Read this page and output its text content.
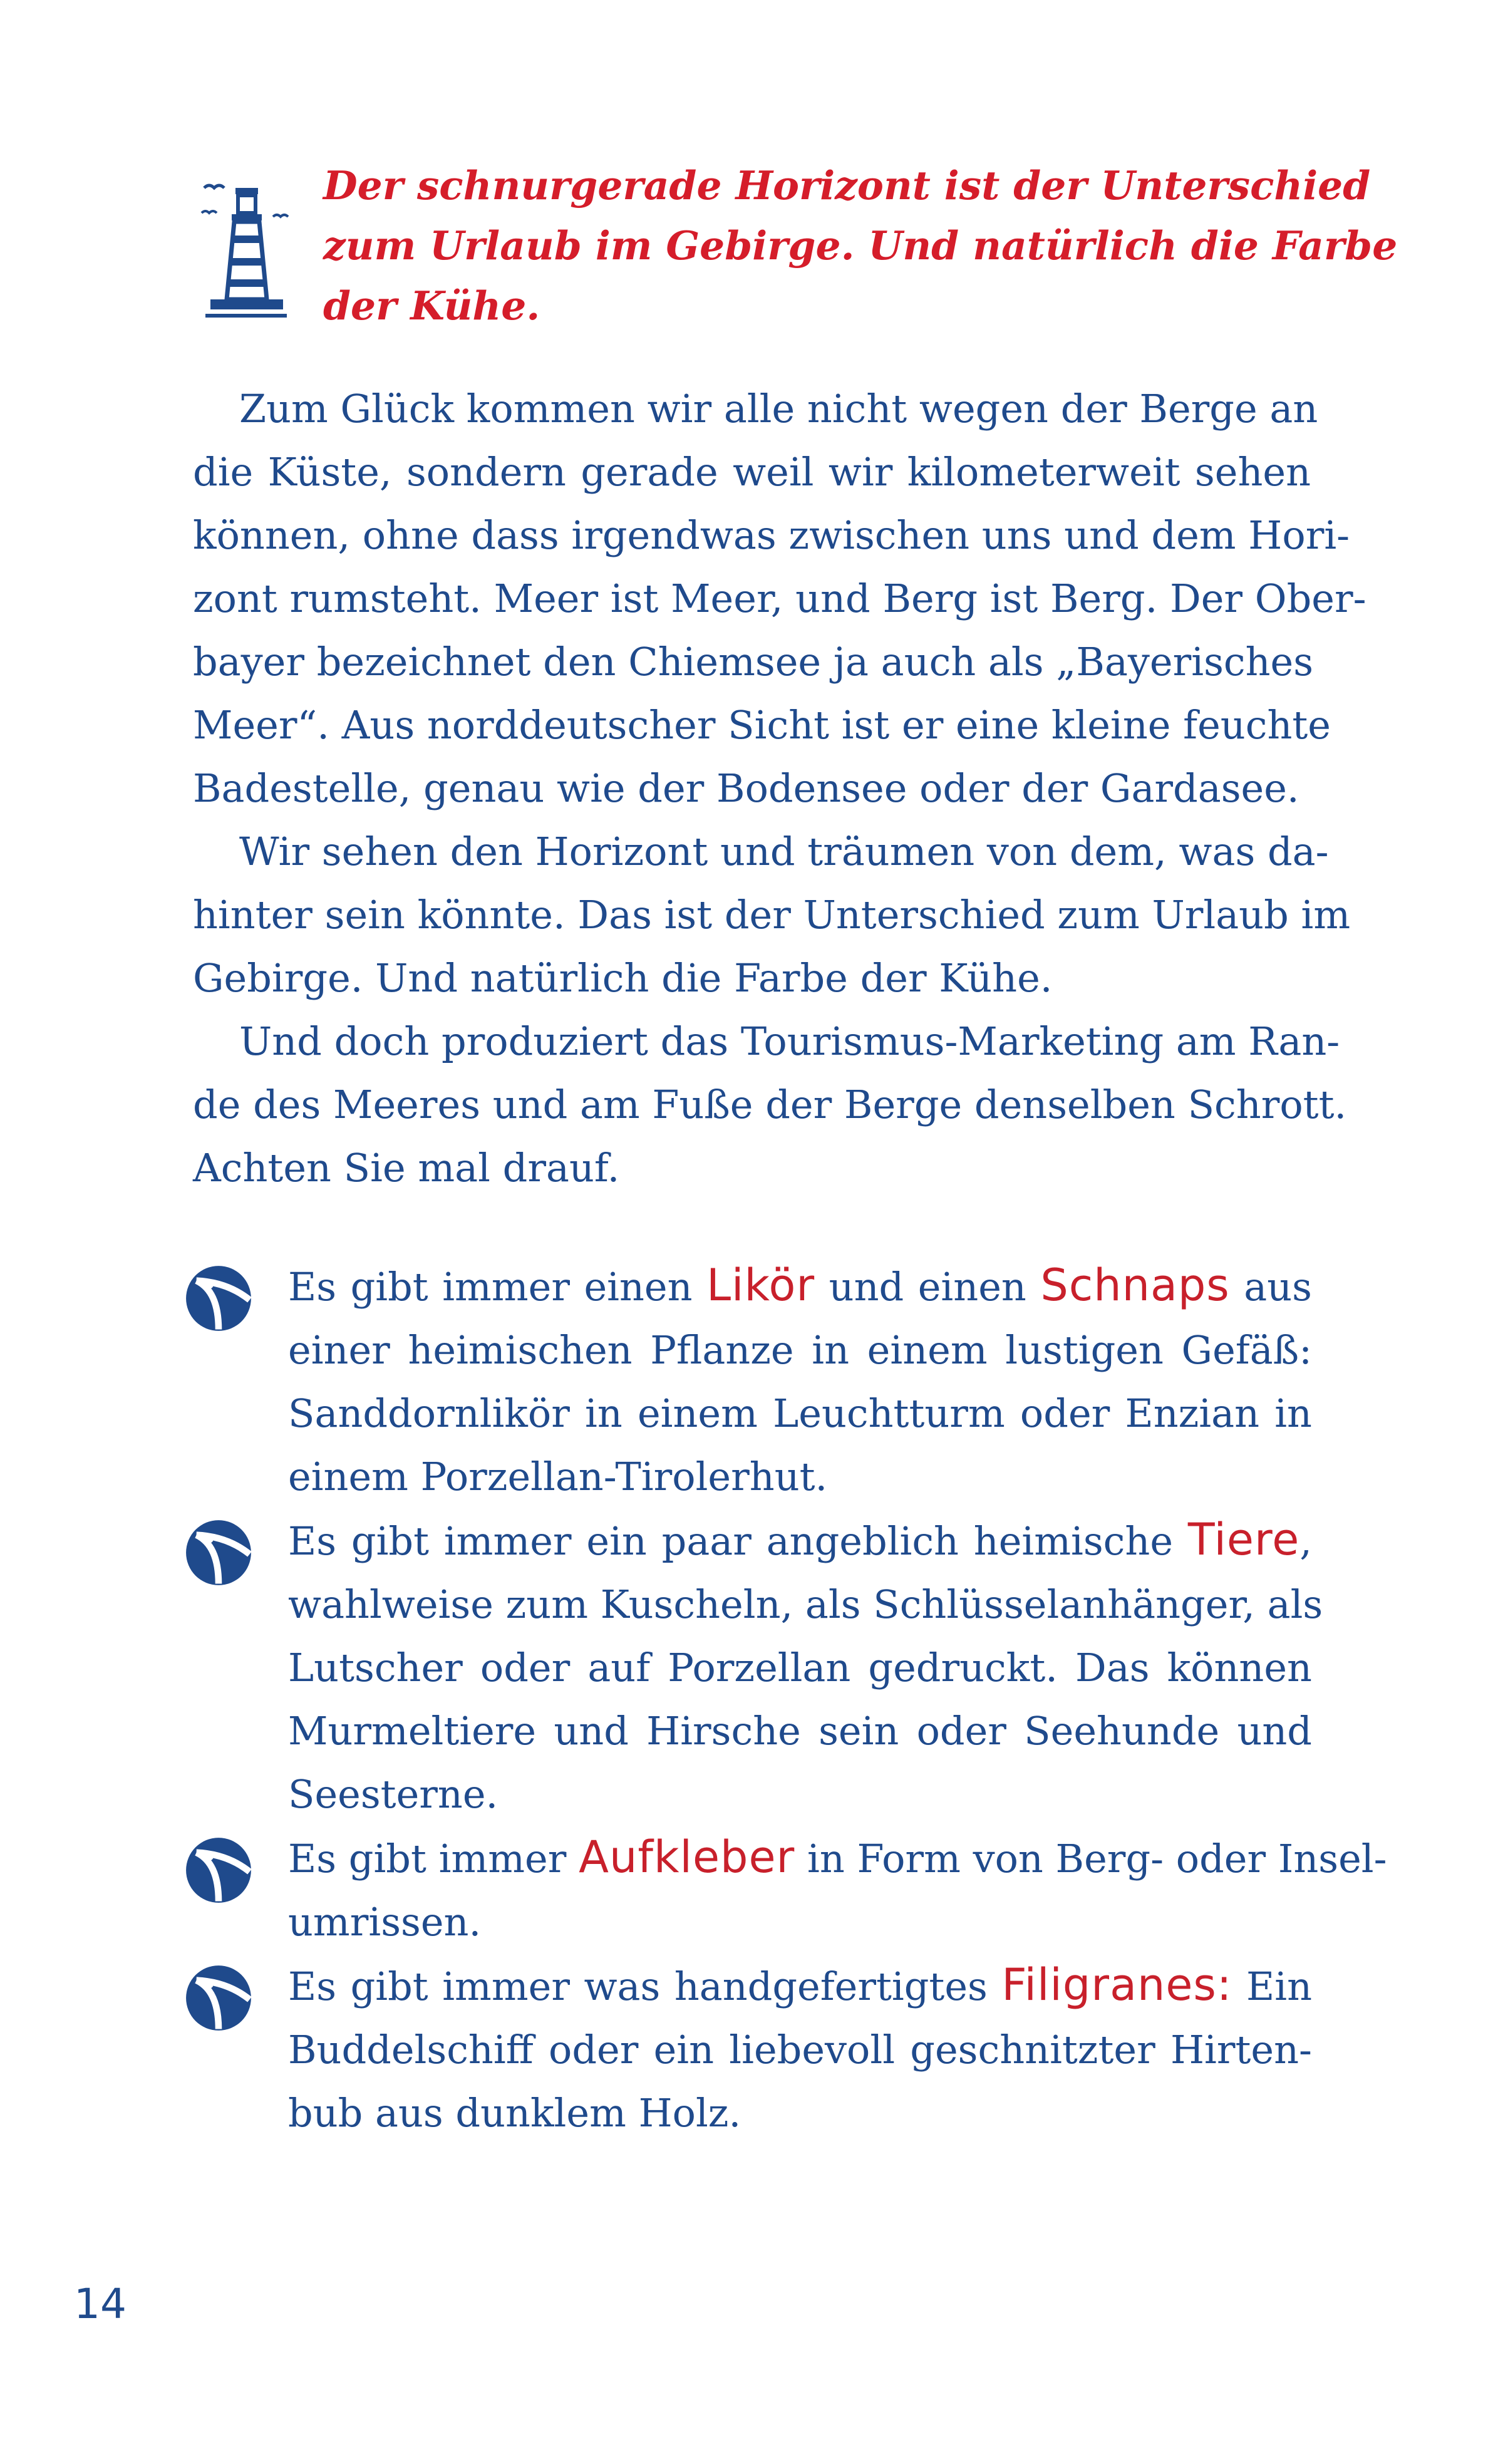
Der schnurgerade Horizont ist der Unterschied
zum Urlaub im Gebirge. Und natürlich die Farbe
der Kühe.
Zum Glück kommen wir alle nicht wegen der Berge an
die Küste, sondern gerade weil wir kilometerweit sehen
können, ohne dass irgendwas zwischen uns und dem Hori-
zont rumsteht. Meer ist Meer, und Berg ist Berg. Der Ober-
bayer bezeichnet den Chiemsee ja auch als „Bayerisches
Meer“. Aus norddeutscher Sicht ist er eine kleine feuchte
Badestelle, genau wie der Bodensee oder der Gardasee.
Wir sehen den Horizont und träumen von dem, was da-
hinter sein könnte. Das ist der Unterschied zum Urlaub im
Gebirge. Und natürlich die Farbe der Kühe.
Und doch produziert das Tourismus-Marketing am Ran-
de des Meeres und am Fuße der Berge denselben Schrott.
Achten Sie mal drauf.
Es gibt immer einen Likör und einen Schnaps aus
einer heimischen Pflanze in einem lustigen Gefäß:
Sanddornlikör in einem Leuchtturm oder Enzian in
einem Porzellan-Tirolerhut.
Es gibt immer ein paar angeblich heimische Tiere,
wahlweise zum Kuscheln, als Schlüsselanhänger, als
Lutscher oder auf Porzellan gedruckt. Das können
Murmeltiere und Hirsche sein oder Seehunde und
Seesterne.
Es gibt immer Aufkleber in Form von Berg- oder Insel-
umrissen.
Es gibt immer was handgefertigtes Filigranes: Ein
Buddelschiff oder ein liebevoll geschnitzter Hirten-
bub aus dunklem Holz.
14
